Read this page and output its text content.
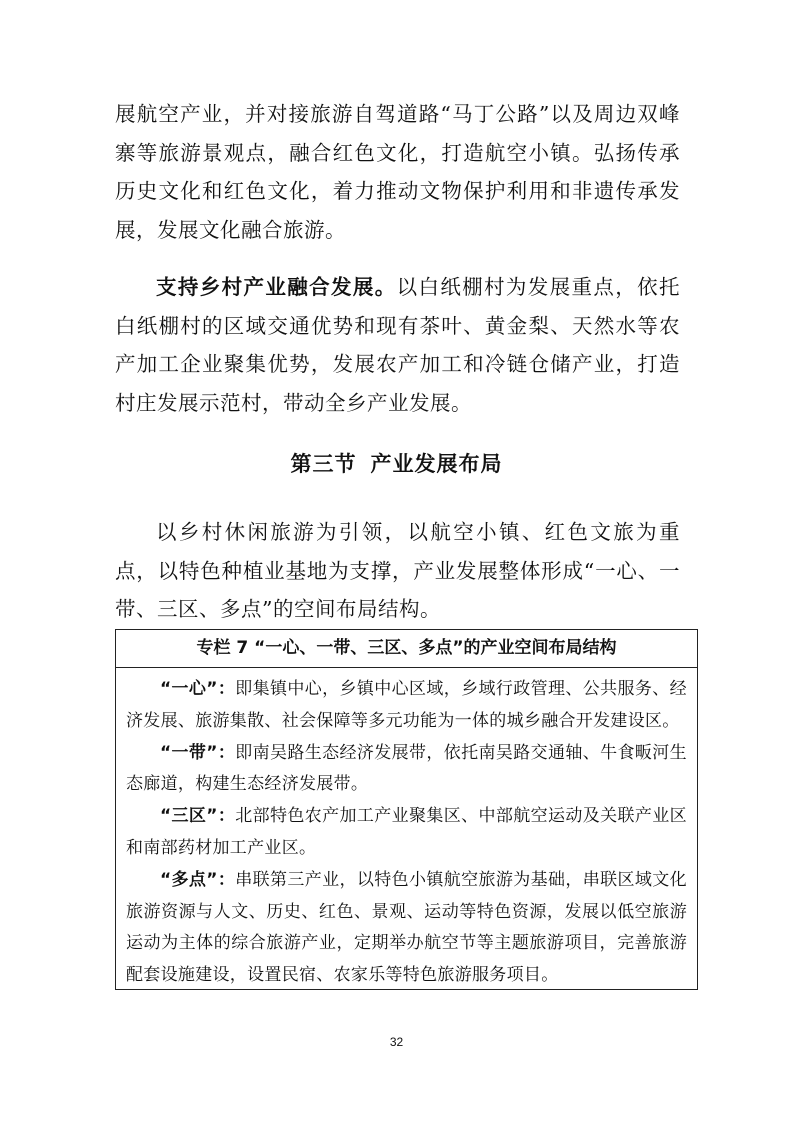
展航空产业，并对接旅游自驾道路“马丁公路”以及周边双峰寨等旅游景观点，融合红色文化，打造航空小镇。弘扬传承历史文化和红色文化，着力推动文物保护利用和非遗传承发展，发展文化融合旅游。

支持乡村产业融合发展。以白纸棚村为发展重点，依托白纸棚村的区域交通优势和现有茶叶、黄金梨、天然水等农产加工企业聚集优势，发展农产加工和冷链仓储产业，打造村庄发展示范村，带动全乡产业发展。

第三节 产业发展布局

以乡村休闲旅游为引领，以航空小镇、红色文旅为重点，以特色种植业基地为支撑，产业发展整体形成“一心、一带、三区、多点”的空间布局结构。

专栏 7 “一心、一带、三区、多点”的产业空间布局结构

“一心”：即集镇中心，乡镇中心区域，乡域行政管理、公共服务、经济发展、旅游集散、社会保障等多元功能为一体的城乡融合开发建设区。

“一带”：即南吴路生态经济发展带，依托南吴路交通轴、牛食畈河生态廊道，构建生态经济发展带。

“三区”：北部特色农产加工产业聚集区、中部航空运动及关联产业区和南部药材加工产业区。

“多点”：串联第三产业，以特色小镇航空旅游为基础，串联区域文化旅游资源与人文、历史、红色、景观、运动等特色资源，发展以低空旅游运动为主体的综合旅游产业，定期举办航空节等主题旅游项目，完善旅游配套设施建设，设置民宿、农家乐等特色旅游服务项目。

32
